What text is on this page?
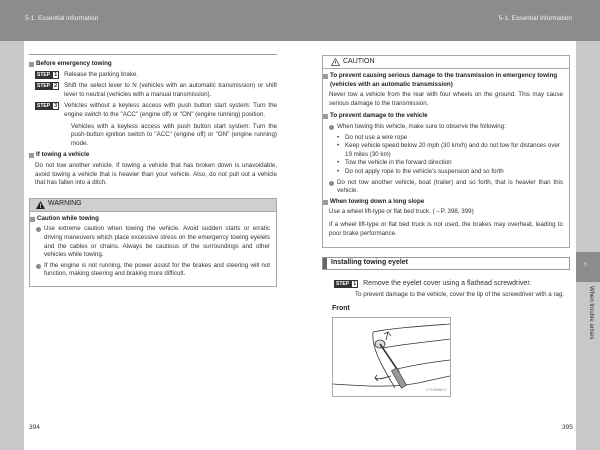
5-1. Essential information	5-1. Essential information
5
When trouble arises
Before emergency towing
STEP 1	Release the parking brake.
STEP 2	Shift the select lever to N (vehicles with an automatic transmission) or shift lever to neutral (vehicles with a manual transmission).
STEP 3	Vehicles without a keyless access with push button start system: Turn the engine switch to the "ACC" (engine off) or "ON" (engine running) position.
Vehicles with a keyless access with push button start system: Turn the push-button ignition switch to "ACC" (engine off) or "ON" (engine running) mode.
If towing a vehicle
Do not tow another vehicle. If towing a vehicle that has broken down is unavoidable, avoid towing a vehicle that is heavier than your vehicle. Also, do not pull out a vehicle that has fallen into a ditch.
WARNING
Caution while towing
Use extreme caution when towing the vehicle. Avoid sudden starts or erratic driving maneuvers which place excessive stress on the emergency towing eyelets and the cables or chains. Always be cautious of the surroundings and other vehicles while towing.
If the engine is not running, the power assist for the brakes and steering will not function, making steering and braking more difficult.
394
CAUTION
To prevent causing serious damage to the transmission in emergency towing (vehicles with an automatic transmission)
Never tow a vehicle from the rear with four wheels on the ground. This may cause serious damage to the transmission.
To prevent damage to the vehicle
When towing this vehicle, make sure to observe the following:
• Do not use a wire rope
• Keep vehicle speed below 20 mph (30 km/h) and do not tow for distances over 19 miles (30 km)
• Tow the vehicle in the forward direction
• Do not apply rope to the vehicle's suspension and so forth
Do not tow another vehicle, boat (trailer) and so forth, that is heavier than this vehicle.
When towing down a long slope
Use a wheel lift-type or flat bed truck. (→P. 398, 399)
If a wheel lift-type or flat bed truck is not used, the brakes may overheat, leading to poor brake performance.
Installing towing eyelet
STEP 1 Remove the eyelet cover using a flathead screwdriver.
To prevent damage to the vehicle, cover the tip of the screwdriver with a rag.
Front
CTH3WB017
395
